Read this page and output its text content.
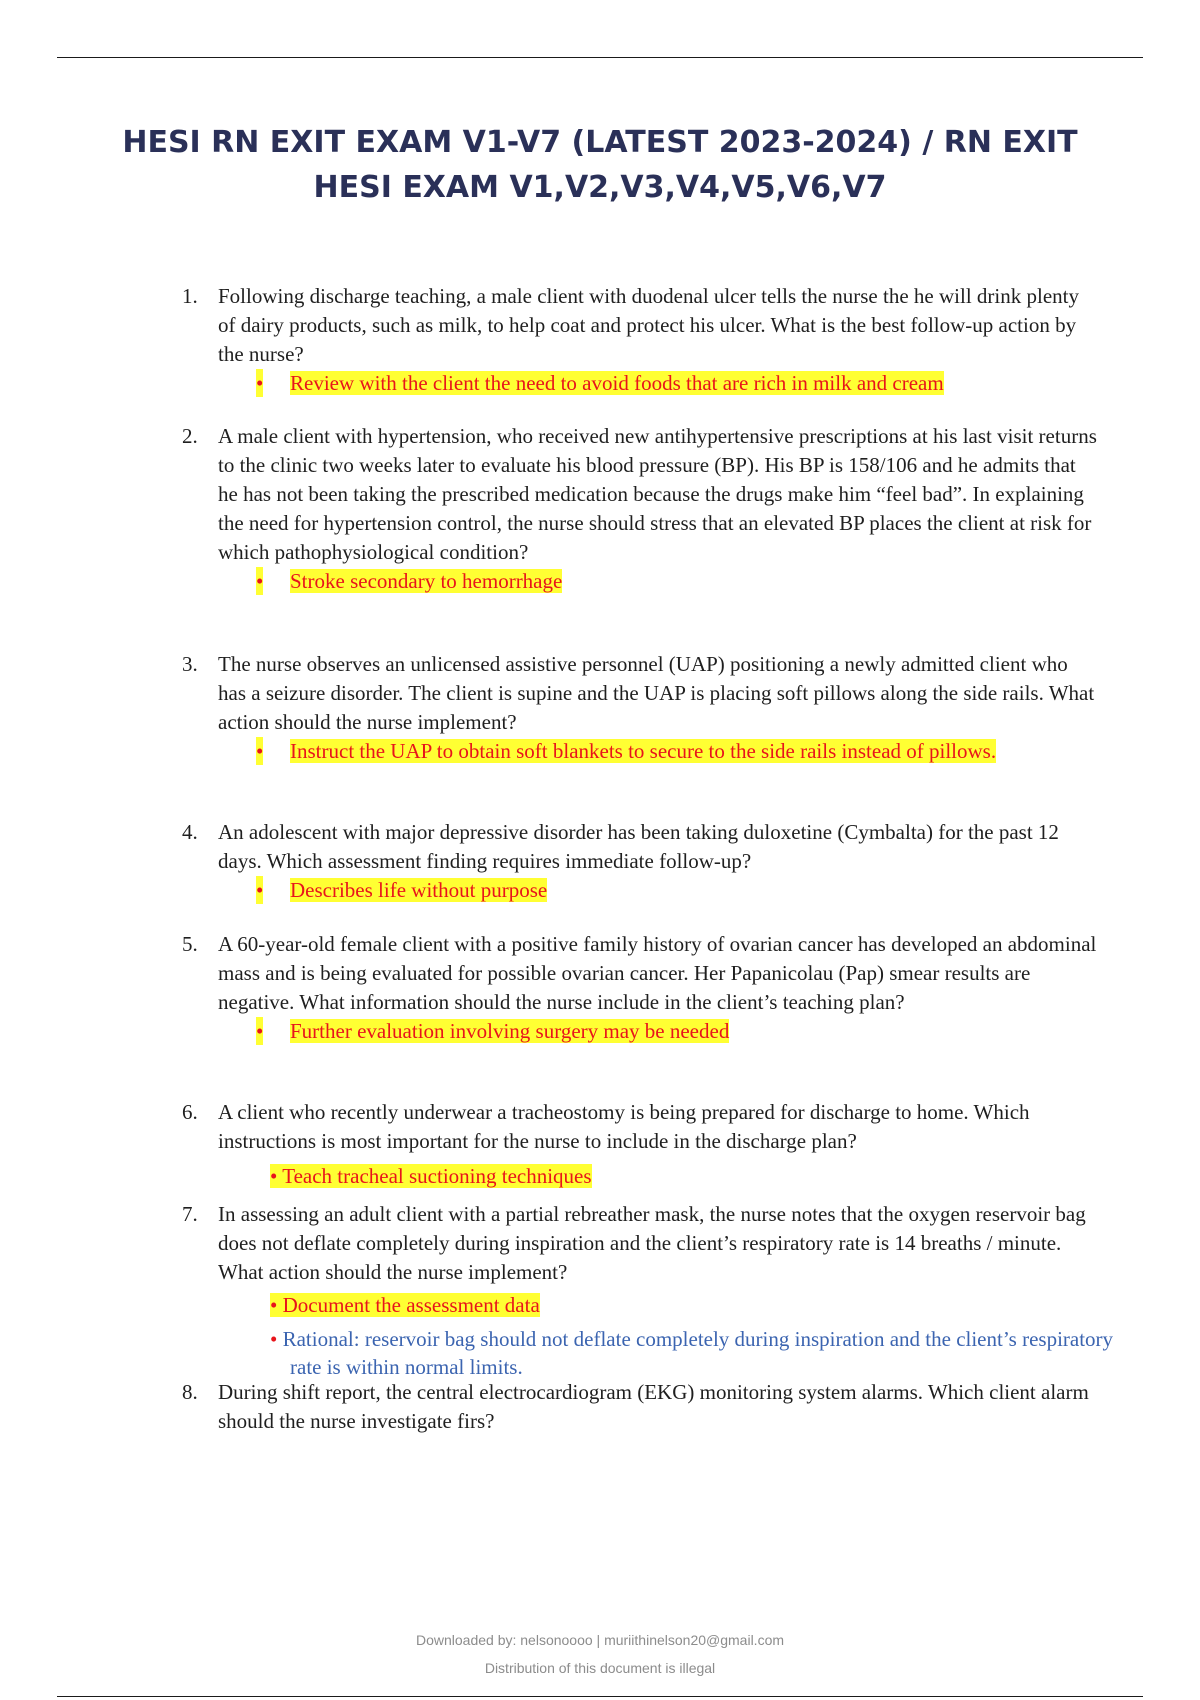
HESI RN EXIT EXAM V1-V7 (LATEST 2023-2024) / RN EXIT HESI EXAM V1,V2,V3,V4,V5,V6,V7

1. Following discharge teaching, a male client with duodenal ulcer tells the nurse the he will drink plenty of dairy products, such as milk, to help coat and protect his ulcer. What is the best follow-up action by the nurse?

• Review with the client the need to avoid foods that are rich in milk and cream

2. A male client with hypertension, who received new antihypertensive prescriptions at his last visit returns to the clinic two weeks later to evaluate his blood pressure (BP). His BP is 158/106 and he admits that he has not been taking the prescribed medication because the drugs make him “feel bad”. In explaining the need for hypertension control, the nurse should stress that an elevated BP places the client at risk for which pathophysiological condition?

• Stroke secondary to hemorrhage

3. The nurse observes an unlicensed assistive personnel (UAP) positioning a newly admitted client who has a seizure disorder. The client is supine and the UAP is placing soft pillows along the side rails. What action should the nurse implement?

• Instruct the UAP to obtain soft blankets to secure to the side rails instead of pillows.

4. An adolescent with major depressive disorder has been taking duloxetine (Cymbalta) for the past 12 days. Which assessment finding requires immediate follow-up?

• Describes life without purpose

5. A 60-year-old female client with a positive family history of ovarian cancer has developed an abdominal mass and is being evaluated for possible ovarian cancer. Her Papanicolau (Pap) smear results are negative. What information should the nurse include in the client’s teaching plan?

• Further evaluation involving surgery may be needed

6. A client who recently underwear a tracheostomy is being prepared for discharge to home. Which instructions is most important for the nurse to include in the discharge plan?

• Teach tracheal suctioning techniques

7. In assessing an adult client with a partial rebreather mask, the nurse notes that the oxygen reservoir bag does not deflate completely during inspiration and the client’s respiratory rate is 14 breaths / minute. What action should the nurse implement?

• Document the assessment data

• Rational: reservoir bag should not deflate completely during inspiration and the client’s respiratory rate is within normal limits.

8. During shift report, the central electrocardiogram (EKG) monitoring system alarms. Which client alarm should the nurse investigate firs?

Downloaded by: nelsonoooo | muriithinelson20@gmail.com
Distribution of this document is illegal
